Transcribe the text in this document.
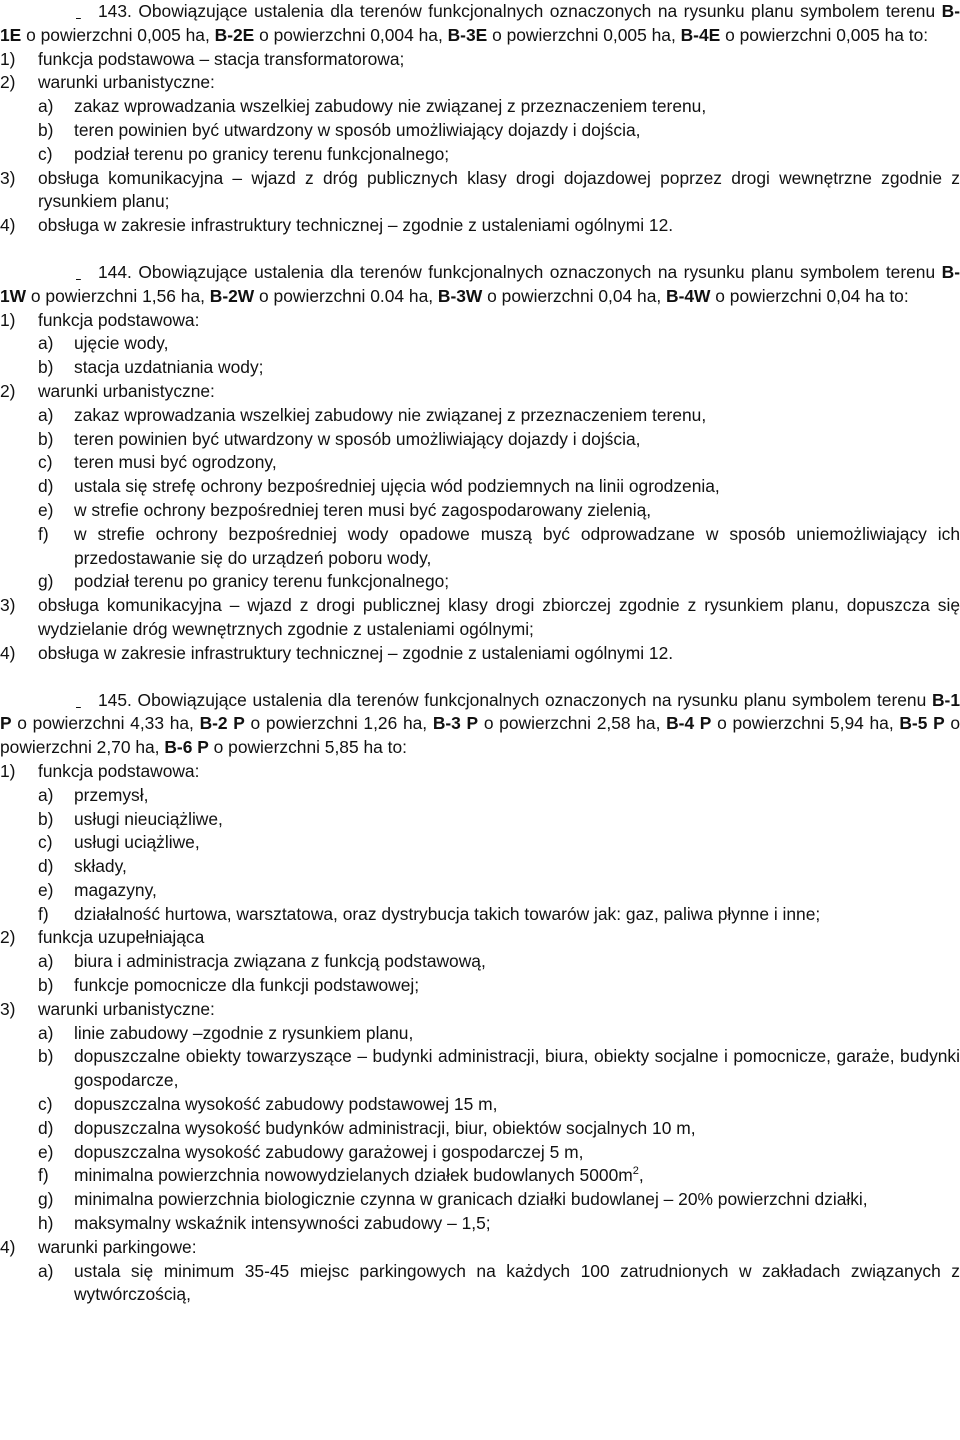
143. Obowiązujące ustalenia dla terenów funkcjonalnych oznaczonych na rysunku planu symbolem terenu B-1E o powierzchni 0,005 ha, B-2E o powierzchni 0,004 ha, B-3E o powierzchni 0,005 ha, B-4E o powierzchni 0,005 ha to:

1) funkcja podstawowa – stacja transformatorowa;
2) warunki urbanistyczne:
a) zakaz wprowadzania wszelkiej zabudowy nie związanej z przeznaczeniem terenu,
b) teren powinien być utwardzony w sposób umożliwiający dojazdy i dojścia,
c) podział terenu po granicy terenu funkcjonalnego;
3) obsługa komunikacyjna – wjazd z dróg publicznych klasy drogi dojazdowej poprzez drogi wewnętrzne zgodnie z rysunkiem planu;
4) obsługa w zakresie infrastruktury technicznej – zgodnie z ustaleniami ogólnymi 12.

144. Obowiązujące ustalenia dla terenów funkcjonalnych oznaczonych na rysunku planu symbolem terenu B-1W o powierzchni 1,56 ha, B-2W o powierzchni 0.04 ha, B-3W o powierzchni 0,04 ha, B-4W o powierzchni 0,04 ha to:

1) funkcja podstawowa:
a) ujęcie wody,
b) stacja uzdatniania wody;
2) warunki urbanistyczne:
a) zakaz wprowadzania wszelkiej zabudowy nie związanej z przeznaczeniem terenu,
b) teren powinien być utwardzony w sposób umożliwiający dojazdy i dojścia,
c) teren musi być ogrodzony,
d) ustala się strefę ochrony bezpośredniej ujęcia wód podziemnych na linii ogrodzenia,
e) w strefie ochrony bezpośredniej teren musi być zagospodarowany zielenią,
f) w strefie ochrony bezpośredniej wody opadowe muszą być odprowadzane w sposób uniemożliwiający ich przedostawanie się do urządzeń poboru wody,
g) podział terenu po granicy terenu funkcjonalnego;
3) obsługa komunikacyjna – wjazd z drogi publicznej klasy drogi zbiorczej zgodnie z rysunkiem planu, dopuszcza się wydzielanie dróg wewnętrznych zgodnie z ustaleniami ogólnymi;
4) obsługa w zakresie infrastruktury technicznej – zgodnie z ustaleniami ogólnymi 12.

145. Obowiązujące ustalenia dla terenów funkcjonalnych oznaczonych na rysunku planu symbolem terenu B-1 P o powierzchni 4,33 ha, B-2 P o powierzchni 1,26 ha, B-3 P o powierzchni 2,58 ha, B-4 P o powierzchni 5,94 ha, B-5 P o powierzchni 2,70 ha, B-6 P o powierzchni 5,85 ha to:

1) funkcja podstawowa:
a) przemysł,
b) usługi nieuciążliwe,
c) usługi uciążliwe,
d) składy,
e) magazyny,
f) działalność hurtowa, warsztatowa, oraz dystrybucja takich towarów jak: gaz, paliwa płynne i inne;
2) funkcja uzupełniająca
a) biura i administracja związana z funkcją podstawową,
b) funkcje pomocnicze dla funkcji podstawowej;
3) warunki urbanistyczne:
a) linie zabudowy –zgodnie z rysunkiem planu,
b) dopuszczalne obiekty towarzyszące – budynki administracji, biura, obiekty socjalne i pomocnicze, garaże, budynki gospodarcze,
c) dopuszczalna wysokość zabudowy podstawowej 15 m,
d) dopuszczalna wysokość budynków administracji, biur, obiektów socjalnych 10 m,
e) dopuszczalna wysokość zabudowy garażowej i gospodarczej 5 m,
f) minimalna powierzchnia nowowydzielanych działek budowlanych $5000m^2$,
g) minimalna powierzchnia biologicznie czynna w granicach działki budowlanej – 20% powierzchni działki,
h) maksymalny wskaźnik intensywności zabudowy – 1,5;
4) warunki parkingowe:
a) ustala się minimum 35-45 miejsc parkingowych na każdych 100 zatrudnionych w zakładach związanych z wytwórczością,
